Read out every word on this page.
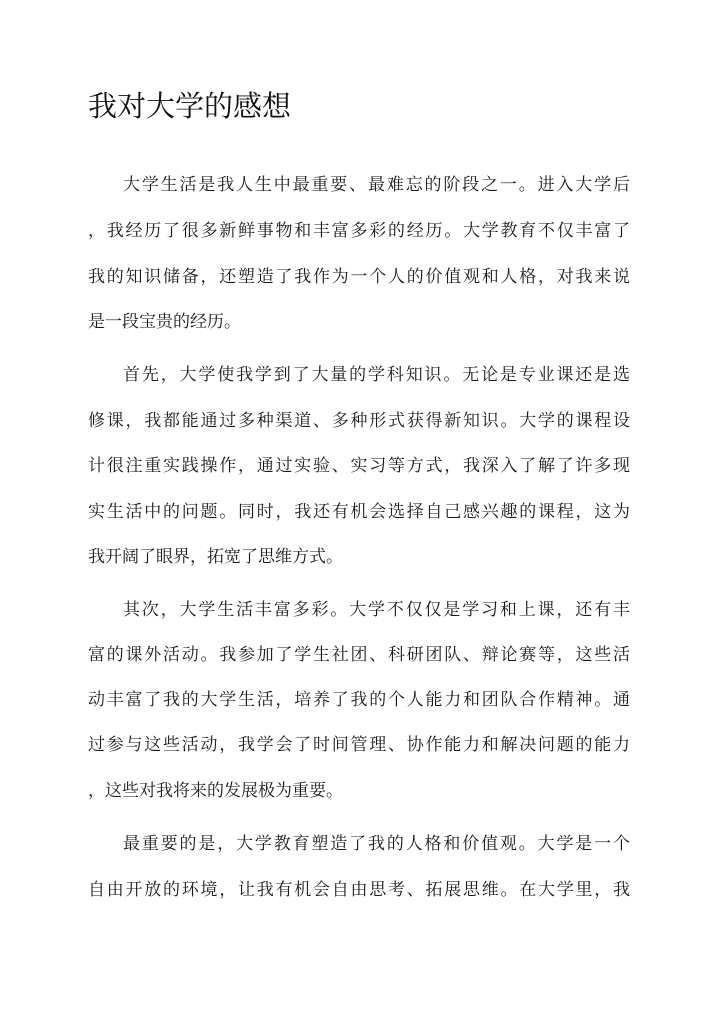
我对大学的感想
大学生活是我人生中最重要、最难忘的阶段之一。进入大学后
，我经历了很多新鲜事物和丰富多彩的经历。大学教育不仅丰富了
我的知识储备，还塑造了我作为一个人的价值观和人格，对我来说
是一段宝贵的经历。
首先，大学使我学到了大量的学科知识。无论是专业课还是选
修课，我都能通过多种渠道、多种形式获得新知识。大学的课程设
计很注重实践操作，通过实验、实习等方式，我深入了解了许多现
实生活中的问题。同时，我还有机会选择自己感兴趣的课程，这为
我开阔了眼界，拓宽了思维方式。
其次，大学生活丰富多彩。大学不仅仅是学习和上课，还有丰
富的课外活动。我参加了学生社团、科研团队、辩论赛等，这些活
动丰富了我的大学生活，培养了我的个人能力和团队合作精神。通
过参与这些活动，我学会了时间管理、协作能力和解决问题的能力
，这些对我将来的发展极为重要。
最重要的是，大学教育塑造了我的人格和价值观。大学是一个
自由开放的环境，让我有机会自由思考、拓展思维。在大学里，我
